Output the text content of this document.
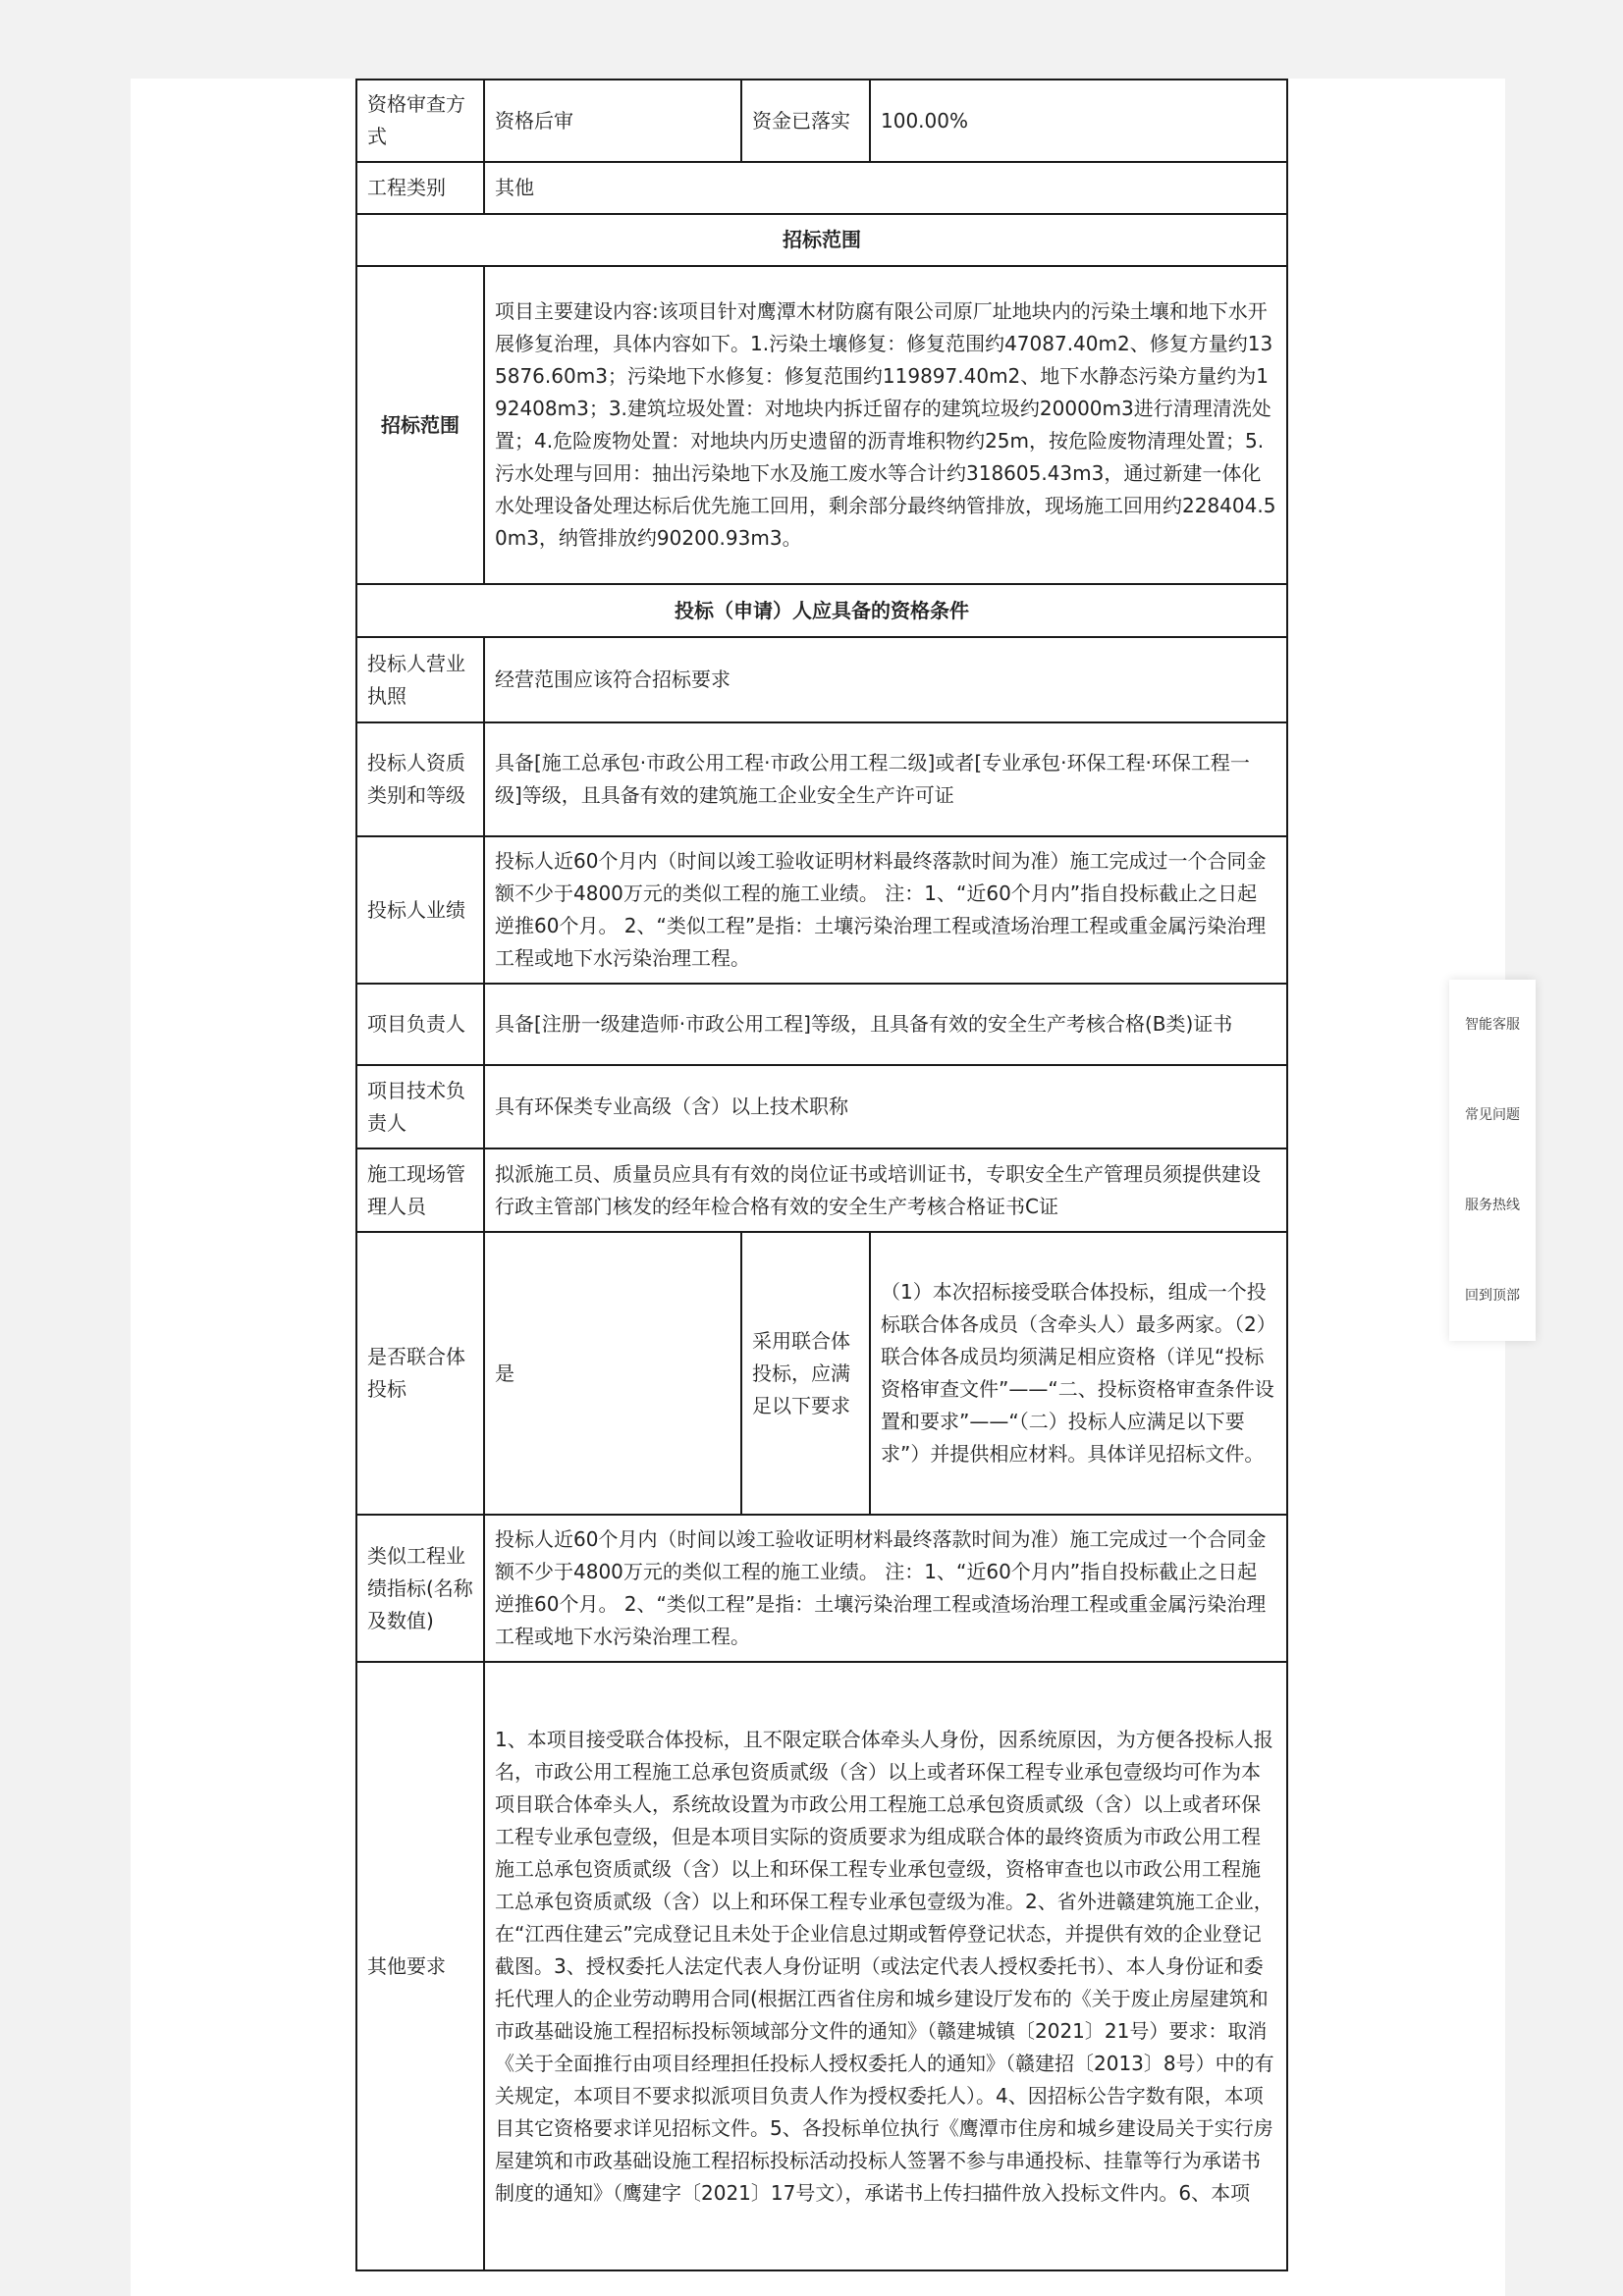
资格审查方式	资格后审	资金已落实	100.00%
工程类别	其他		
招标范围			
招标范围	项目主要建设内容:该项目针对鹰潭木材防腐有限公司原厂址地块内的污染土壤和地下水开展修复治理，具体内容如下。1.污染土壤修复：修复范围约47087.40m2、修复方量约135876.60m3；污染地下水修复：修复范围约119897.40m2、地下水静态污染方量约为192408m3；3.建筑垃圾处置：对地块内拆迁留存的建筑垃圾约20000m3进行清理清洗处置；4.危险废物处置：对地块内历史遗留的沥青堆积物约25m，按危险废物清理处置；5.污水处理与回用：抽出污染地下水及施工废水等合计约318605.43m3，通过新建一体化水处理设备处理达标后优先施工回用，剩余部分最终纳管排放，现场施工回用约228404.50m3，纳管排放约90200.93m3。		
投标（申请）人应具备的资格条件			
投标人营业执照	经营范围应该符合招标要求		
投标人资质类别和等级	具备[施工总承包·市政公用工程·市政公用工程二级]或者[专业承包·环保工程·环保工程一级]等级，且具备有效的建筑施工企业安全生产许可证		
投标人业绩	投标人近60个月内（时间以竣工验收证明材料最终落款时间为准）施工完成过一个合同金额不少于4800万元的类似工程的施工业绩。 注：1、“近60个月内”指自投标截止之日起逆推60个月。 2、“类似工程”是指：土壤污染治理工程或渣场治理工程或重金属污染治理工程或地下水污染治理工程。		
项目负责人	具备[注册一级建造师·市政公用工程]等级，且具备有效的安全生产考核合格(B类)证书		
项目技术负责人	具有环保类专业高级（含）以上技术职称		
施工现场管理人员	拟派施工员、质量员应具有有效的岗位证书或培训证书，专职安全生产管理员须提供建设行政主管部门核发的经年检合格有效的安全生产考核合格证书C证		
是否联合体投标	是	采用联合体投标，应满足以下要求	（1）本次招标接受联合体投标，组成一个投标联合体各成员（含牵头人）最多两家。（2）联合体各成员均须满足相应资格（详见“投标资格审查文件”——“二、投标资格审查条件设置和要求”——“（二）投标人应满足以下要求”）并提供相应材料。具体详见招标文件。
类似工程业绩指标(名称及数值)	投标人近60个月内（时间以竣工验收证明材料最终落款时间为准）施工完成过一个合同金额不少于4800万元的类似工程的施工业绩。 注：1、“近60个月内”指自投标截止之日起逆推60个月。 2、“类似工程”是指：土壤污染治理工程或渣场治理工程或重金属污染治理工程或地下水污染治理工程。		
其他要求	1、本项目接受联合体投标，且不限定联合体牵头人身份，因系统原因，为方便各投标人报名，市政公用工程施工总承包资质贰级（含）以上或者环保工程专业承包壹级均可作为本项目联合体牵头人，系统故设置为市政公用工程施工总承包资质贰级（含）以上或者环保工程专业承包壹级，但是本项目实际的资质要求为组成联合体的最终资质为市政公用工程施工总承包资质贰级（含）以上和环保工程专业承包壹级，资格审查也以市政公用工程施工总承包资质贰级（含）以上和环保工程专业承包壹级为准。2、省外进赣建筑施工企业，在“江西住建云”完成登记且未处于企业信息过期或暂停登记状态，并提供有效的企业登记截图。3、授权委托人法定代表人身份证明（或法定代表人授权委托书）、本人身份证和委托代理人的企业劳动聘用合同(根据江西省住房和城乡建设厅发布的《关于废止房屋建筑和市政基础设施工程招标投标领域部分文件的通知》（赣建城镇〔2021〕21号）要求：取消《关于全面推行由项目经理担任投标人授权委托人的通知》（赣建招〔2013〕8号）中的有关规定，本项目不要求拟派项目负责人作为授权委托人）。4、因招标公告字数有限，本项目其它资格要求详见招标文件。5、各投标单位执行《鹰潭市住房和城乡建设局关于实行房屋建筑和市政基础设施工程招标投标活动投标人签署不参与串通投标、挂靠等行为承诺书制度的通知》（鹰建字〔2021〕17号文），承诺书上传扫描件放入投标文件内。6、本项		
智能客服
常见问题
服务热线
回到顶部
